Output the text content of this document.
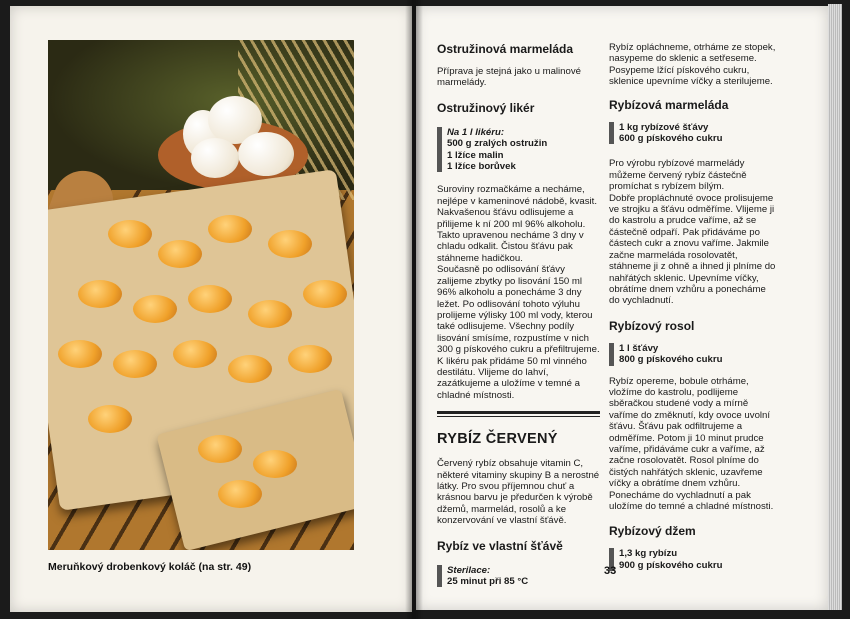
Meruňkový drobenkový koláč (na str. 49)
Ostružinová marmeláda

Příprava je stejná jako u malinové marmelády.

Ostružinový likér
Na 1 l likéru:
500 g zralých ostružin
1 lžíce malin
1 lžíce borůvek

Suroviny rozmačkáme a necháme, nejlépe v kameninové nádobě, kvasit. Nakvašenou šťávu odlisujeme a přilijeme k ní 200 ml 96% alkoholu. Takto upravenou necháme 3 dny v chladu odkalit. Čistou šťávu pak stáhneme hadičkou.

Současně po odlisování šťávy zalijeme zbytky po lisování 150 ml 96% alkoholu a ponecháme 3 dny ležet. Po odlisování tohoto výluhu prolijeme výlisky 100 ml vody, kterou také odlisujeme. Všechny podíly lisování smísíme, rozpustíme v nich 300 g pískového cukru a přefiltrujeme. K likéru pak přidáme 50 ml vinného destilátu. Vlijeme do lahví, zazátkujeme a uložíme v temné a chladné místnosti.

RYBÍZ ČERVENÝ

Červený rybíz obsahuje vitamin C, některé vitaminy skupiny B a nerostné látky. Pro svou příjemnou chuť a krásnou barvu je předurčen k výrobě džemů, marmelád, rosolů a ke konzervování ve vlastní šťávě.

Rybíz ve vlastní šťávě
Sterilace:
25 minut při 85 °C

Rybíz opláchneme, otrháme ze stopek, nasypeme do sklenic a setřeseme. Posypeme lžící pískového cukru, sklenice upevníme víčky a sterilujeme.

Rybízová marmeláda
1 kg rybízové šťávy
600 g pískového cukru

Pro výrobu rybízové marmelády můžeme červený rybíz částečně promíchat s rybízem bílým.

Dobře propláchnuté ovoce prolisujeme ve strojku a šťávu odměříme. Vlijeme ji do kastrolu a prudce vaříme, až se částečně odpaří. Pak přidáváme po částech cukr a znovu vaříme. Jakmile začne marmeláda rosolovatět, stáhneme ji z ohně a ihned ji plníme do nahřátých sklenic. Upevníme víčky, obrátíme dnem vzhůru a ponecháme do vychladnutí.

Rybízový rosol
1 l šťávy
800 g pískového cukru

Rybíz opereme, bobule otrháme, vložíme do kastrolu, podlijeme sběračkou studené vody a mírně vaříme do změknutí, kdy ovoce uvolní šťávu. Šťávu pak odfiltrujeme a odměříme. Potom ji 10 minut prudce vaříme, přidáváme cukr a vaříme, až začne rosolovatět. Rosol plníme do čistých nahřátých sklenic, uzavřeme víčky a obrátíme dnem vzhůru. Ponecháme do vychladnutí a pak uložíme do temné a chladné místnosti.

Rybízový džem
1,3 kg rybízu
900 g pískového cukru
33
